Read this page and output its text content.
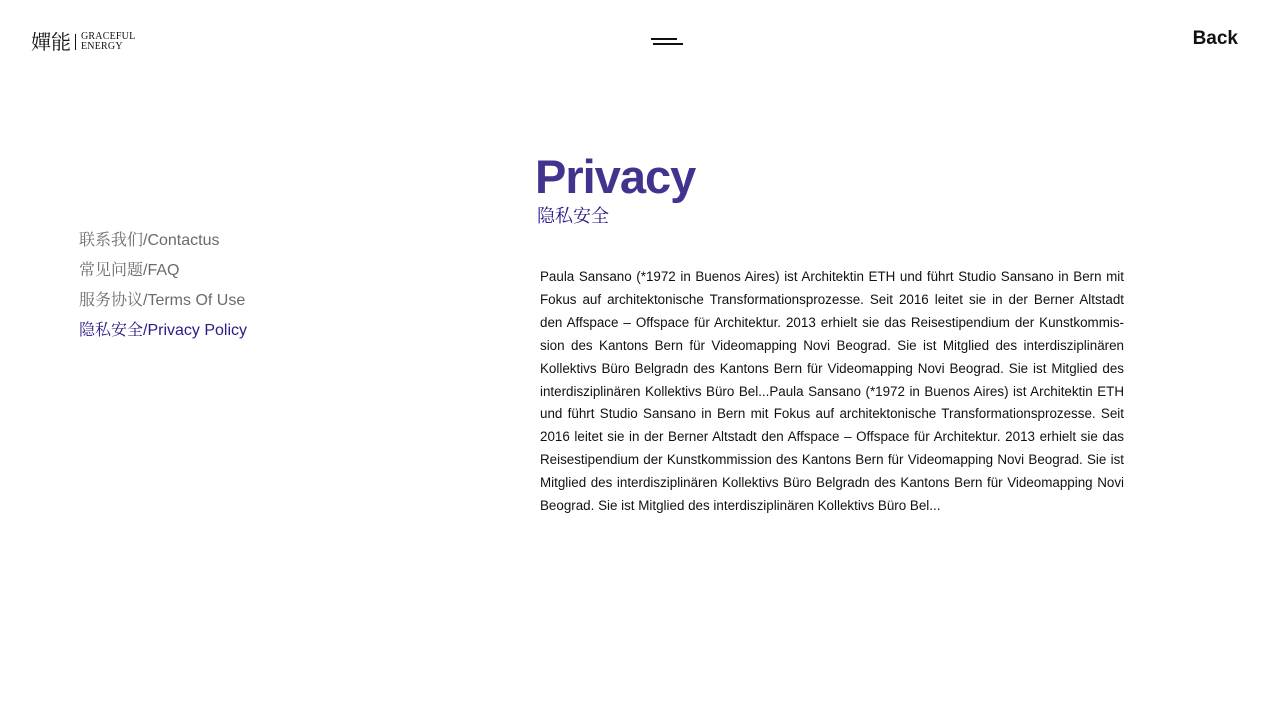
嬋能 GRACEFUL
ENERGY	Back
联系我们/Contactus
常见问题/FAQ
服务协议/Terms Of Use
隐私安全/Privacy Policy
Privacy
隐私安全

Paula Sansano (*1972 in Buenos Aires) ist Architektin ETH und führt Studio Sansano in Bern mit Fokus auf architektonische Transformationsprozesse. Seit 2016 leitet sie in der Berner Altstadt den Affspace – Offspace für Architektur. 2013 erhielt sie das Reisestipendium der Kunstkommission des Kantons Bern für Videomapping Novi Beograd. Sie ist Mitglied des interdisziplinären Kollektivs Büro Belgradn des Kantons Bern für Videomapping Novi Beograd. Sie ist Mitglied des interdisziplinären Kollektivs Büro Bel...Paula Sansano (*1972 in Buenos Aires) ist Architektin ETH und führt Studio Sansano in Bern mit Fokus auf architektonische Transformationsprozesse. Seit 2016 leitet sie in der Berner Altstadt den Affspace – Offspace für Architektur. 2013 erhielt sie das Reisestipendium der Kunstkommission des Kantons Bern für Videomapping Novi Beograd. Sie ist Mitglied des interdisziplinären Kollektivs Büro Belgradn des Kantons Bern für Videomapping Novi Beograd. Sie ist Mitglied des interdisziplinären Kollektivs Büro Bel...
